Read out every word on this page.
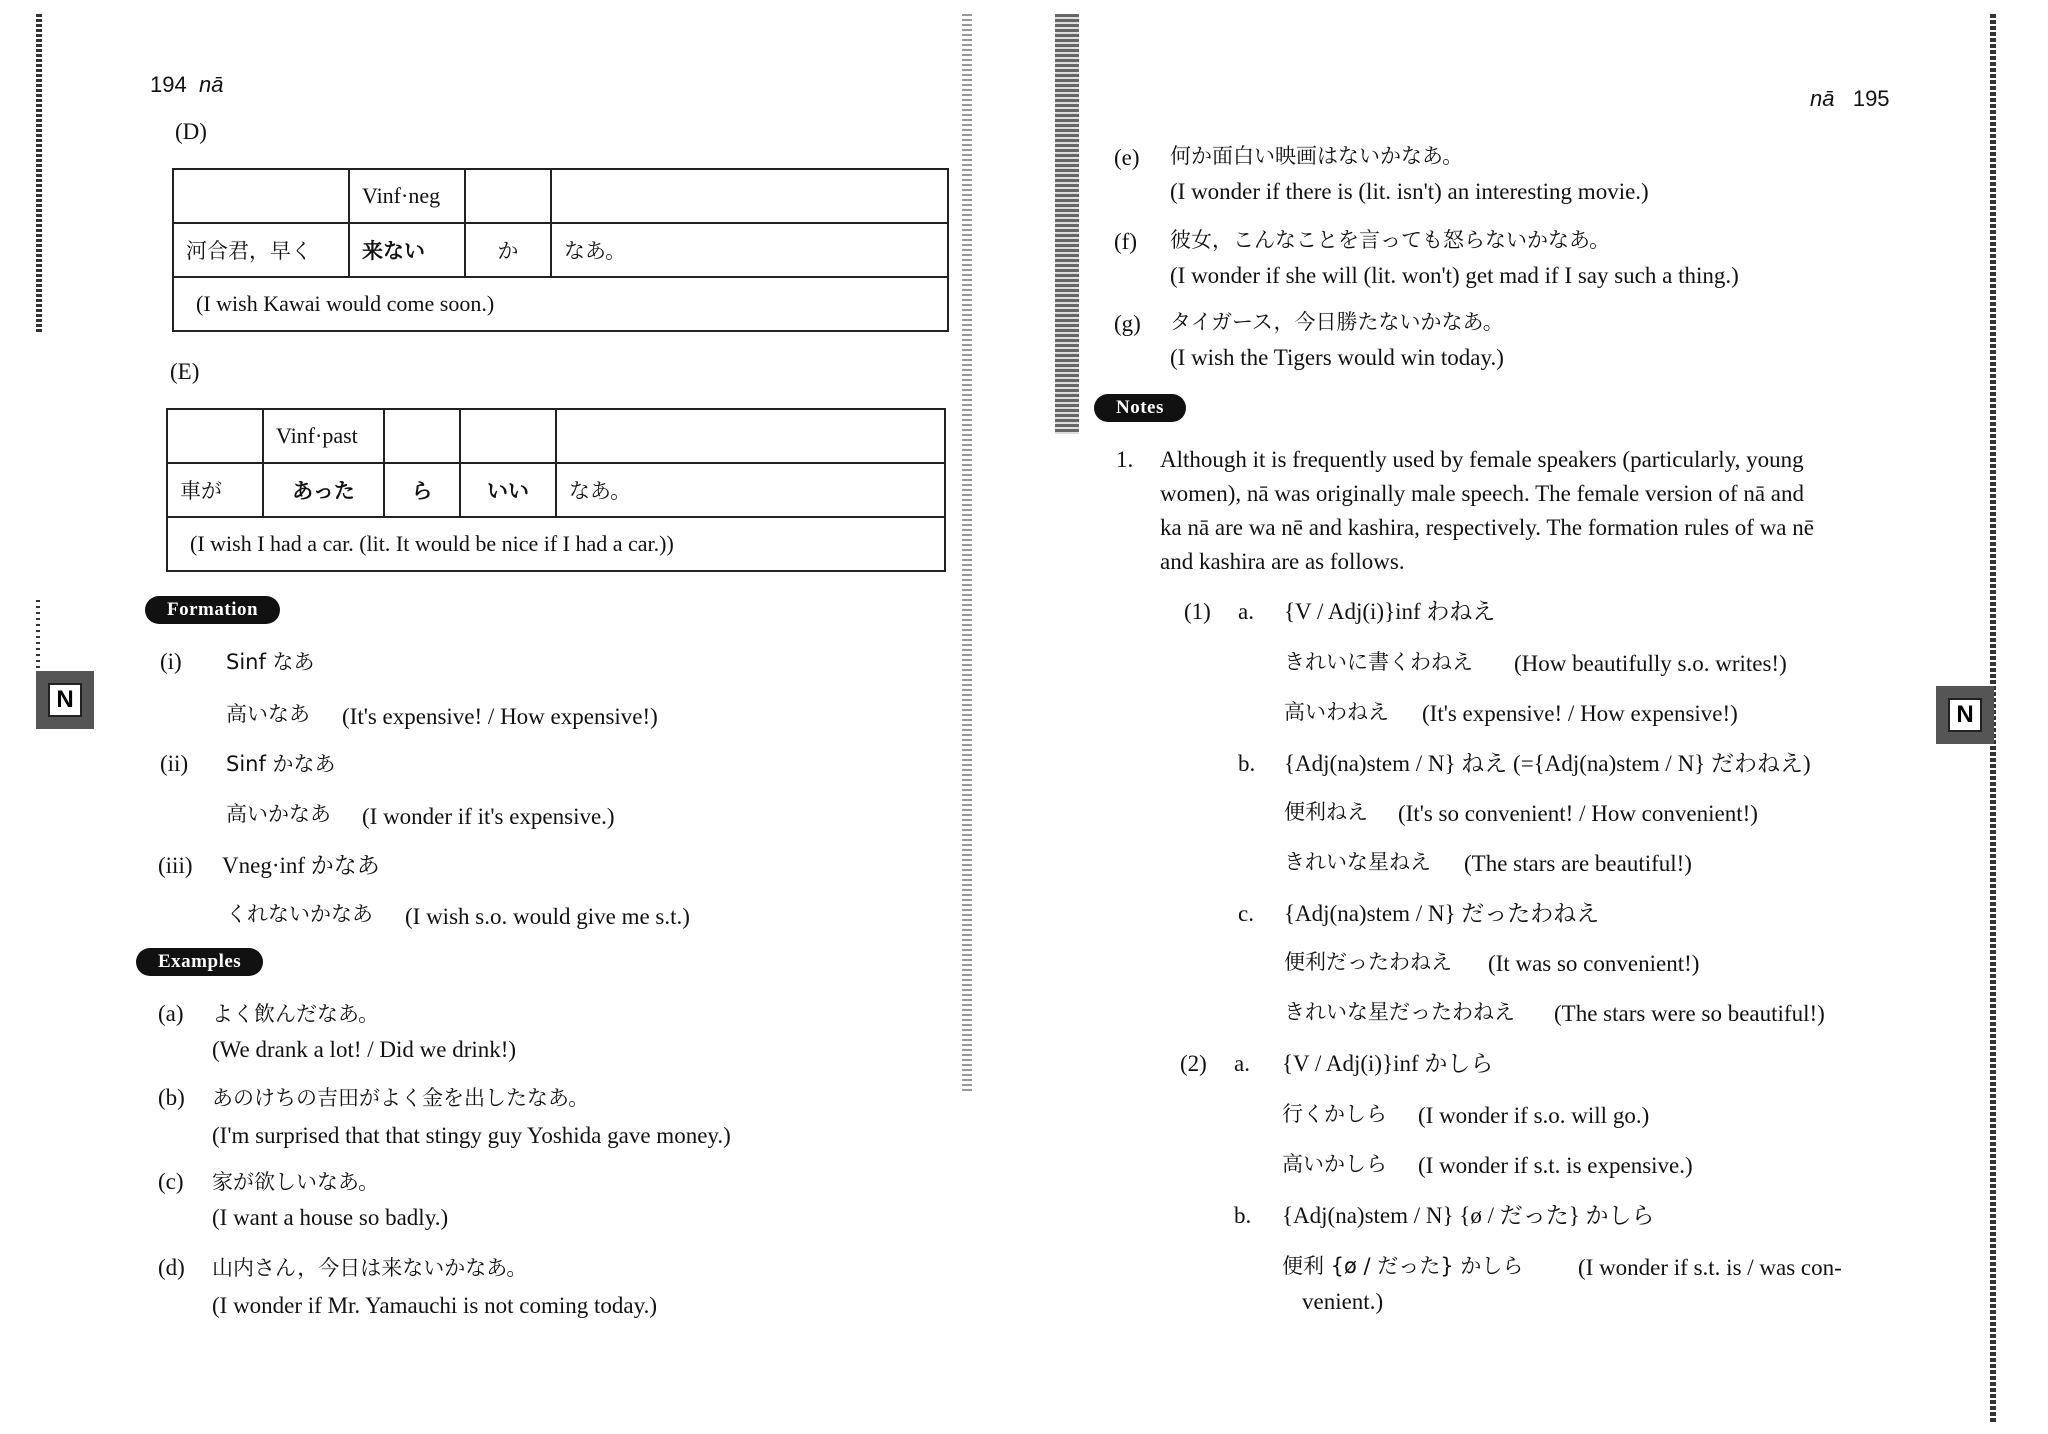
194 nā
N
(D)
	Vinf·neg		
河合君，早く	来ない	か	なあ。
(I wish Kawai would come soon.)			
(E)
	Vinf·past			
車が	あった	ら	いい	なあ。
(I wish I had a car. (lit. It would be nice if I had a car.))				
Formation
(i) Sinf なあ
高いなあ (It's expensive! / How expensive!)
(ii) Sinf かなあ
高いかなあ (I wonder if it's expensive.)
(iii) Vneg·inf かなあ
くれないかなあ (I wish s.o. would give me s.t.)
Examples
(a) よく飲んだなあ。
(We drank a lot! / Did we drink!)
(b) あのけちの吉田がよく金を出したなあ。
(I'm surprised that that stingy guy Yoshida gave money.)
(c) 家が欲しいなあ。
(I want a house so badly.)
(d) 山内さん，今日は来ないかなあ。
(I wonder if Mr. Yamauchi is not coming today.)
nā 195
N
(e) 何か面白い映画はないかなあ。
(I wonder if there is (lit. isn't) an interesting movie.)
(f) 彼女，こんなことを言っても怒らないかなあ。
(I wonder if she will (lit. won't) get mad if I say such a thing.)
(g) タイガース，今日勝たないかなあ。
(I wish the Tigers would win today.)
Notes
1. Although it is frequently used by female speakers (particularly, young
women), nā was originally male speech. The female version of nā and
ka nā are wa nē and kashira, respectively. The formation rules of wa nē
and kashira are as follows.
(1) a. {V / Adj(i)}inf わねえ
きれいに書くわねえ (How beautifully s.o. writes!)
高いわねえ (It's expensive! / How expensive!)
b. {Adj(na)stem / N} ねえ (={Adj(na)stem / N} だわねえ)
便利ねえ (It's so convenient! / How convenient!)
きれいな星ねえ (The stars are beautiful!)
c. {Adj(na)stem / N} だったわねえ
便利だったわねえ (It was so convenient!)
きれいな星だったわねえ (The stars were so beautiful!)
(2) a. {V / Adj(i)}inf かしら
行くかしら (I wonder if s.o. will go.)
高いかしら (I wonder if s.t. is expensive.)
b. {Adj(na)stem / N} {ø / だった} かしら
便利 {ø / だった} かしら (I wonder if s.t. is / was con-
venient.)
